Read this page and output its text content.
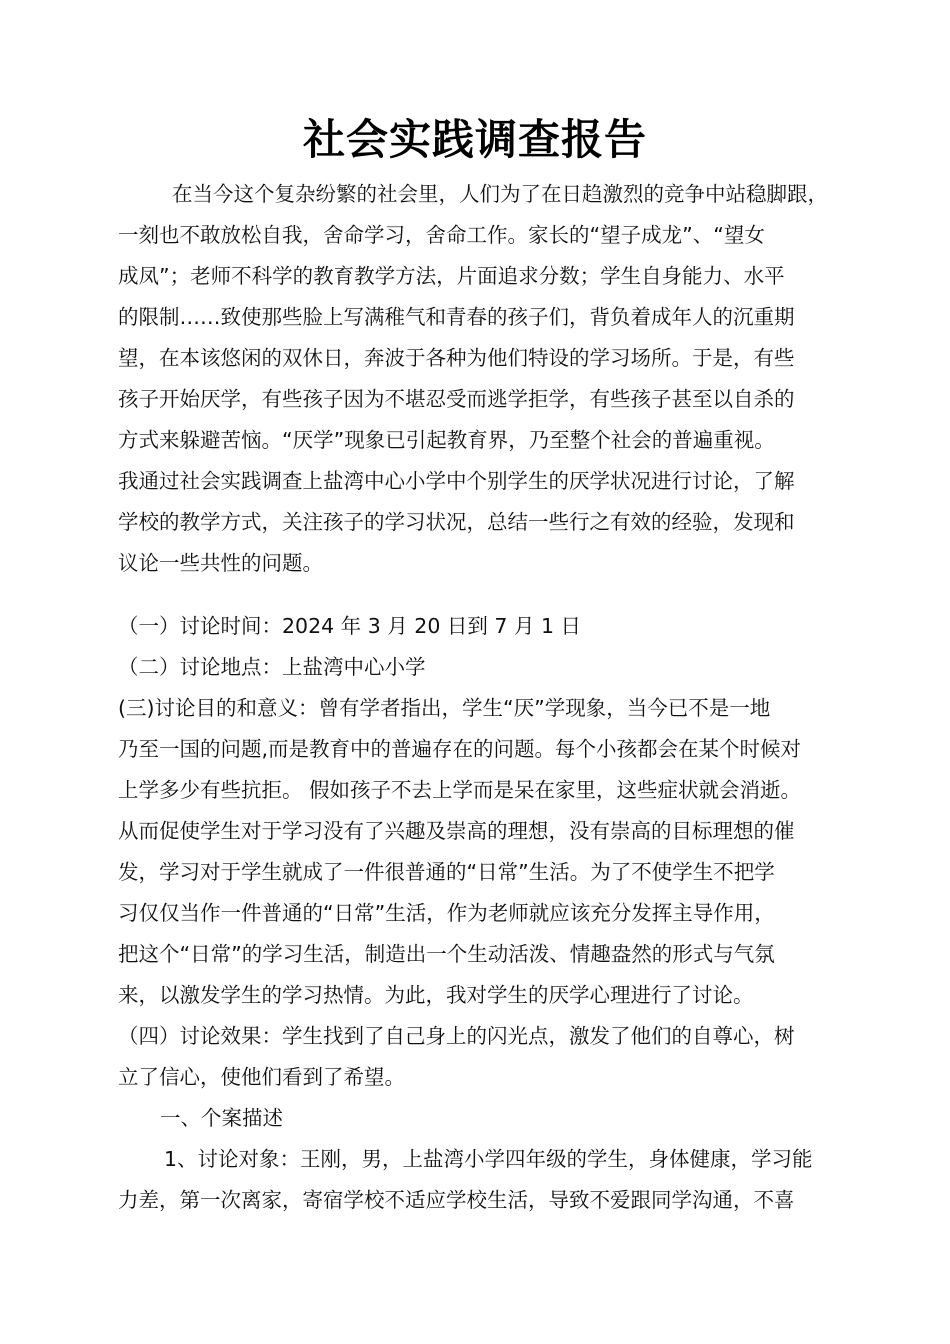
社会实践调查报告
在当今这个复杂纷繁的社会里，人们为了在日趋激烈的竞争中站稳脚跟，
一刻也不敢放松自我，舍命学习，舍命工作。家长的“望子成龙”、“望女
成凤”；老师不科学的教育教学方法，片面追求分数；学生自身能力、水平
的限制……致使那些脸上写满稚气和青春的孩子们，背负着成年人的沉重期
望，在本该悠闲的双休日，奔波于各种为他们特设的学习场所。于是，有些
孩子开始厌学，有些孩子因为不堪忍受而逃学拒学，有些孩子甚至以自杀的
方式来躲避苦恼。“厌学”现象已引起教育界，乃至整个社会的普遍重视。
我通过社会实践调查上盐湾中心小学中个别学生的厌学状况进行讨论，了解
学校的教学方式，关注孩子的学习状况，总结一些行之有效的经验，发现和
议论一些共性的问题。
（一）讨论时间：2024 年 3 月 20 日到 7 月 1 日
（二）讨论地点：上盐湾中心小学
(三)讨论目的和意义：曾有学者指出，学生“厌”学现象，当今已不是一地
乃至一国的问题,而是教育中的普遍存在的问题。每个小孩都会在某个时候对
上学多少有些抗拒。 假如孩子不去上学而是呆在家里，这些症状就会消逝。
从而促使学生对于学习没有了兴趣及崇高的理想，没有崇高的目标理想的催
发，学习对于学生就成了一件很普通的“日常”生活。为了不使学生不把学
习仅仅当作一件普通的“日常”生活，作为老师就应该充分发挥主导作用，
把这个“日常”的学习生活，制造出一个生动活泼、情趣盎然的形式与气氛
来，以激发学生的学习热情。为此，我对学生的厌学心理进行了讨论。
（四）讨论效果：学生找到了自己身上的闪光点，激发了他们的自尊心，树
立了信心，使他们看到了希望。
一、个案描述
1、讨论对象：王刚，男，上盐湾小学四年级的学生，身体健康，学习能
力差，第一次离家，寄宿学校不适应学校生活，导致不爱跟同学沟通，不喜
